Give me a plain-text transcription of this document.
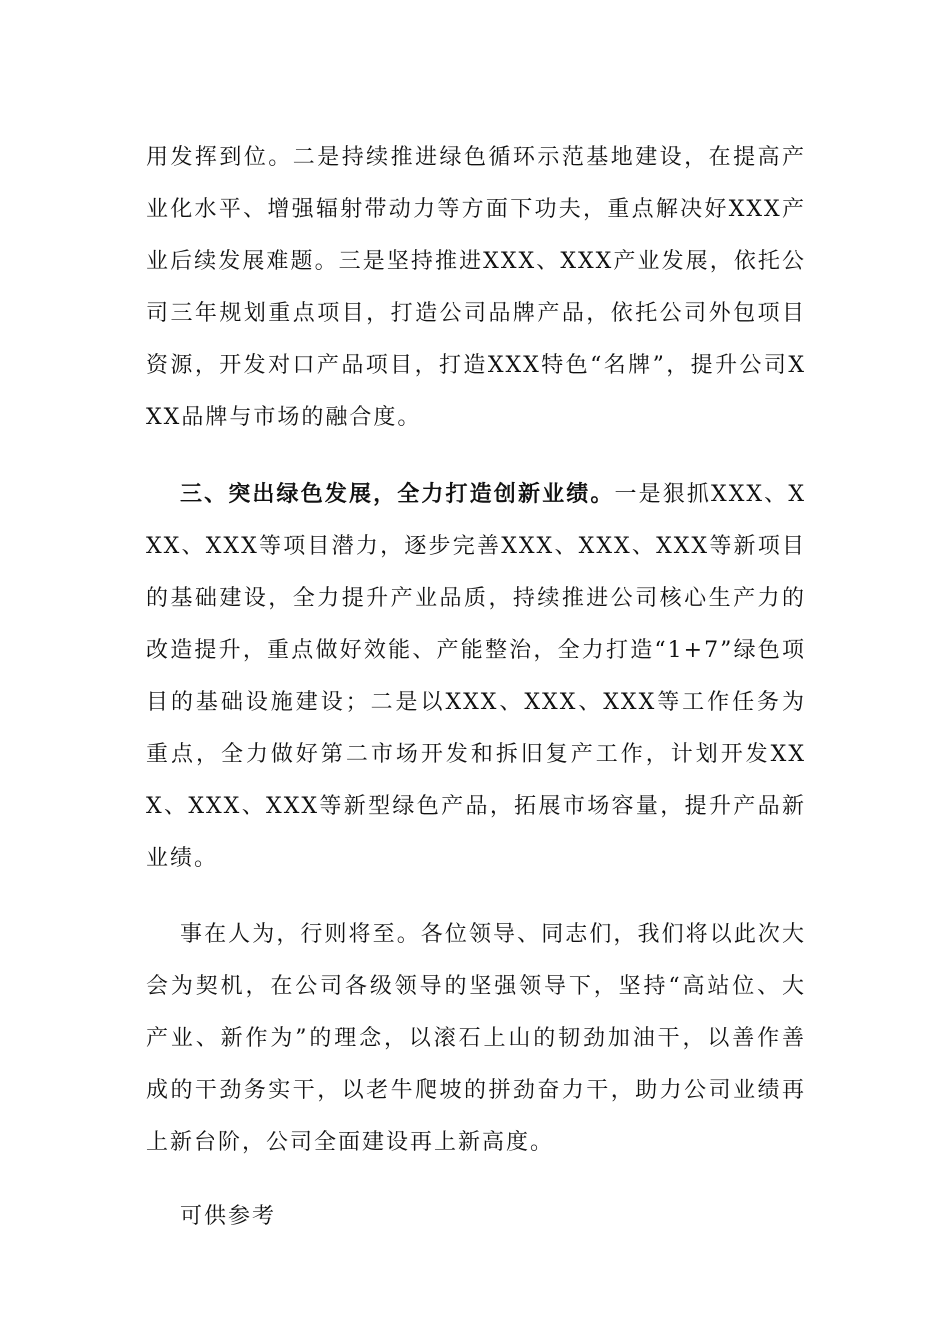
用发挥到位。二是持续推进绿色循环示范基地建设，在提高产业化水平、增强辐射带动力等方面下功夫，重点解决好XXX产业后续发展难题。三是坚持推进XXX、XXX产业发展，依托公司三年规划重点项目，打造公司品牌产品，依托公司外包项目资源，开发对口产品项目，打造XXX特色“名牌”，提升公司XXX品牌与市场的融合度。

三、突出绿色发展，全力打造创新业绩。一是狠抓XXX、XXX、XXX等项目潜力，逐步完善XXX、XXX、XXX等新项目的基础建设，全力提升产业品质，持续推进公司核心生产力的改造提升，重点做好效能、产能整治，全力打造“1+7”绿色项目的基础设施建设；二是以XXX、XXX、XXX等工作任务为重点，全力做好第二市场开发和拆旧复产工作，计划开发XXX、XXX、XXX等新型绿色产品，拓展市场容量，提升产品新业绩。

事在人为，行则将至。各位领导、同志们，我们将以此次大会为契机，在公司各级领导的坚强领导下，坚持“高站位、大产业、新作为”的理念，以滚石上山的韧劲加油干，以善作善成的干劲务实干，以老牛爬坡的拼劲奋力干，助力公司业绩再上新台阶，公司全面建设再上新高度。

可供参考
